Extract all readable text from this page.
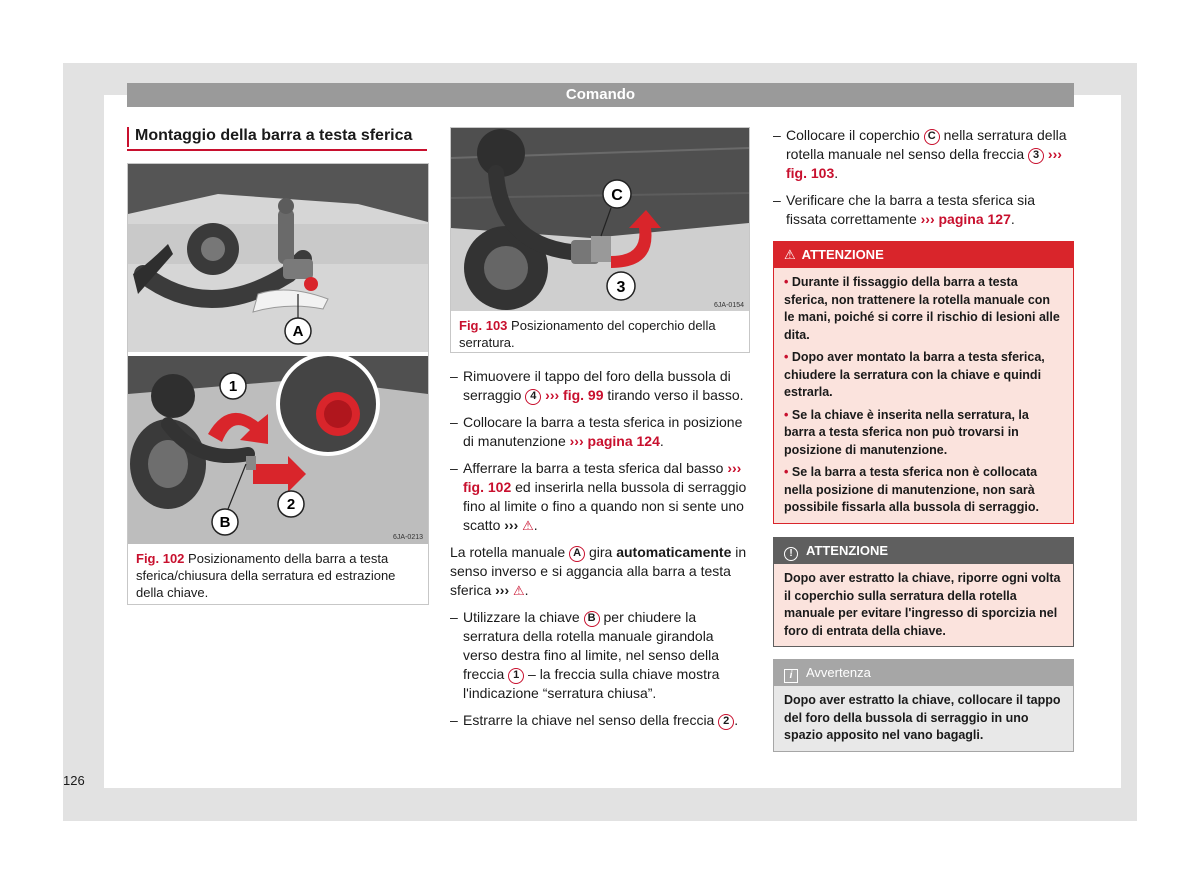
Comando
Montaggio della barra a testa sferica
A
1
2
B
6JA-0213
Fig. 102 Posizionamento della barra a testa sferica/chiusura della serratura ed estrazione della chiave.
C
3
6JA-0154
Fig. 103 Posizionamento del coperchio della serratura.
– Rimuovere il tappo del foro della bussola di serraggio 4 ››› fig. 99 tirando verso il basso.
– Collocare la barra a testa sferica in posizione di manutenzione ››› pagina 124.
– Afferrare la barra a testa sferica dal basso ››› fig. 102 ed inserirla nella bussola di serraggio fino al limite o fino a quando non si sente uno scatto ››› ⚠.

La rotella manuale A gira automaticamente in senso inverso e si aggancia alla barra a testa sferica ››› ⚠.

– Utilizzare la chiave B per chiudere la serratura della rotella manuale girandola verso destra fino al limite, nel senso della freccia 1 – la freccia sulla chiave mostra l'indicazione “serratura chiusa”.
– Estrarre la chiave nel senso della freccia 2 .
– Collocare il coperchio C nella serratura della rotella manuale nel senso della freccia 3 ››› fig. 103.
– Verificare che la barra a testa sferica sia fissata correttamente ››› pagina 127.
⚠ ATTENZIONE
• Durante il fissaggio della barra a testa sferica, non trattenere la rotella manuale con le mani, poiché si corre il rischio di lesioni alle dita.
• Dopo aver montato la barra a testa sferica, chiudere la serratura con la chiave e quindi estrarla.
• Se la chiave è inserita nella serratura, la barra a testa sferica non può trovarsi in posizione di manutenzione.
• Se la barra a testa sferica non è collocata nella posizione di manutenzione, non sarà possibile fissarla alla bussola di serraggio.
! ATTENZIONE
Dopo aver estratto la chiave, riporre ogni volta il coperchio sulla serratura della rotella manuale per evitare l'ingresso di sporcizia nel foro di entrata della chiave.
i Avvertenza
Dopo aver estratto la chiave, collocare il tappo del foro della bussola di serraggio in uno spazio apposito nel vano bagagli.
126
